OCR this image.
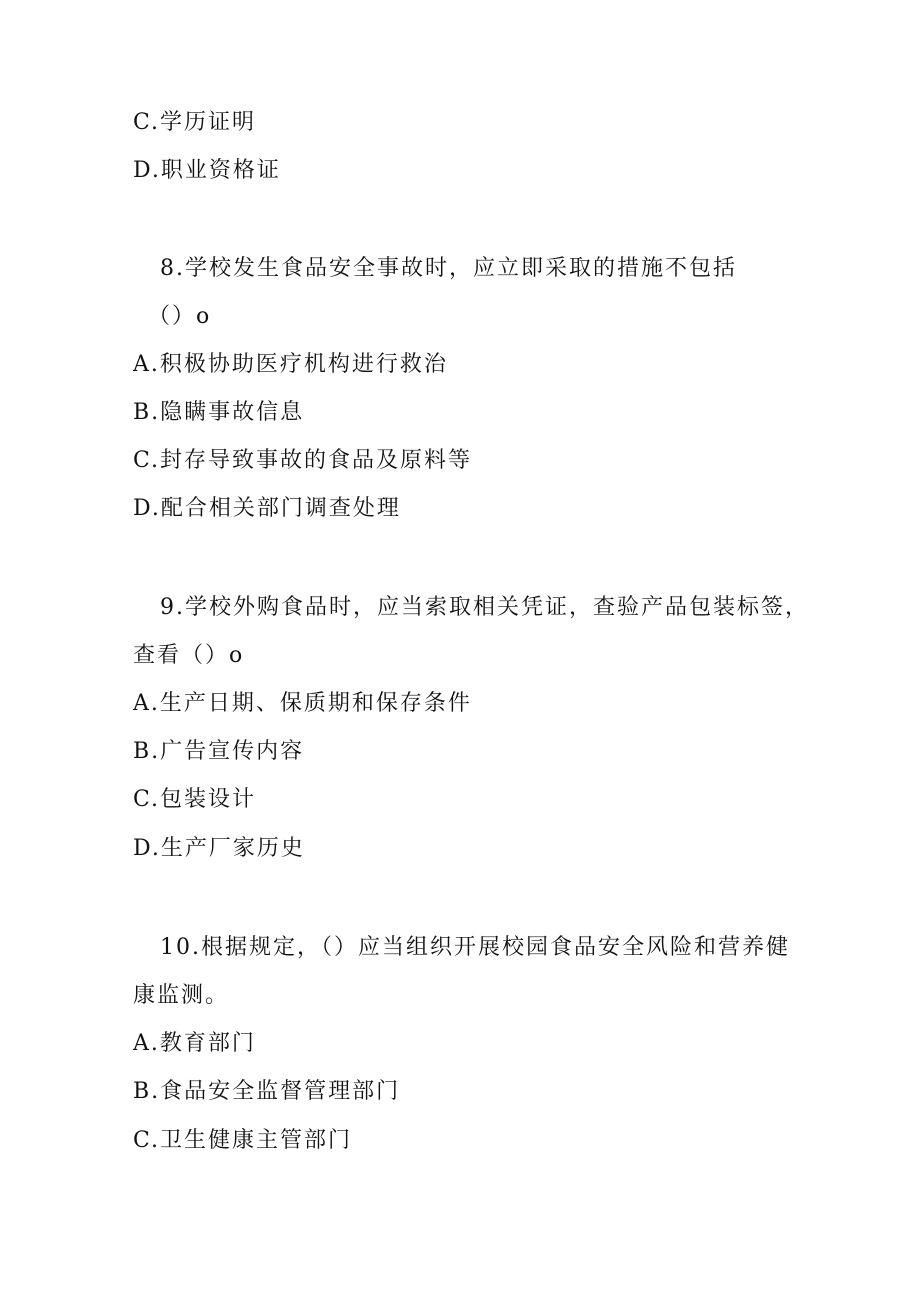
C.学历证明
D.职业资格证
8.学校发生食品安全事故时，应立即采取的措施不包括
（）o
A.积极协助医疗机构进行救治
B.隐瞒事故信息
C.封存导致事故的食品及原料等
D.配合相关部门调查处理
9.学校外购食品时，应当索取相关凭证，查验产品包装标签，
查看（）o
A.生产日期、保质期和保存条件
B.广告宣传内容
C.包装设计
D.生产厂家历史
10.根据规定，（）应当组织开展校园食品安全风险和营养健
康监测。
A.教育部门
B.食品安全监督管理部门
C.卫生健康主管部门
